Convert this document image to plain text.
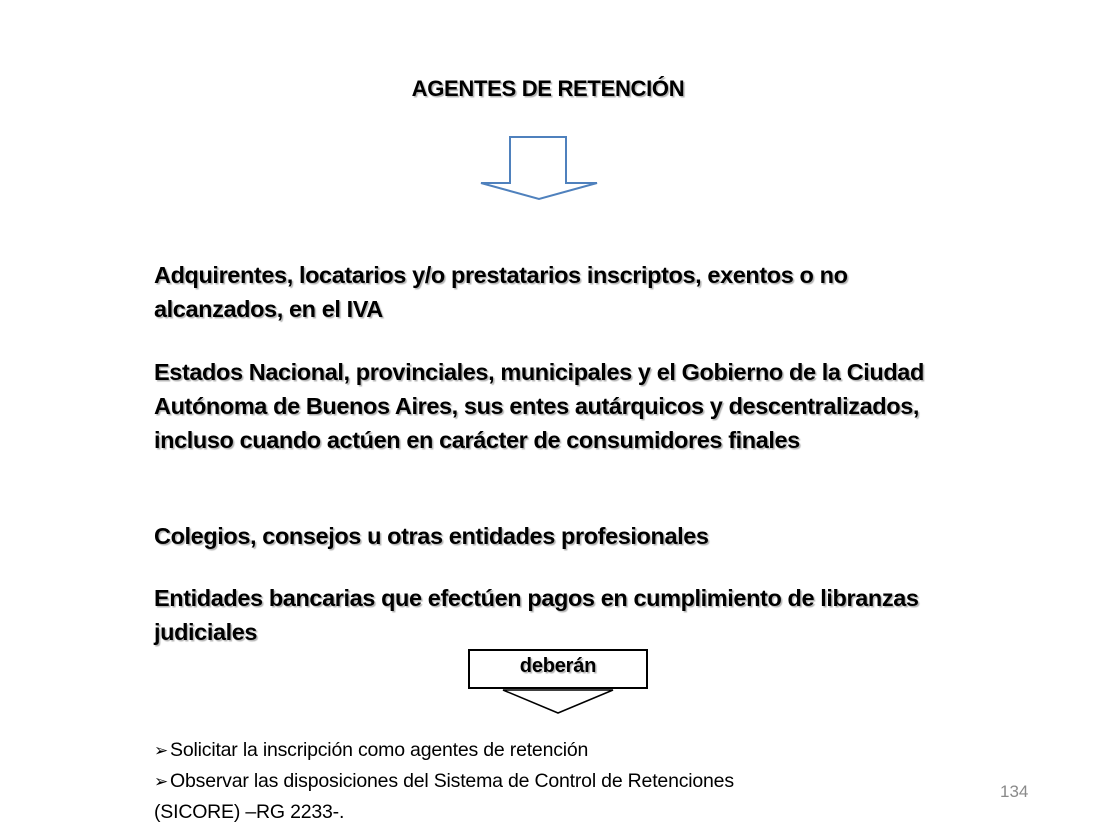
AGENTES DE RETENCIÓN
Adquirentes, locatarios y/o prestatarios inscriptos, exentos o no alcanzados, en el IVA
Estados Nacional, provinciales, municipales y el Gobierno de la Ciudad Autónoma de Buenos Aires, sus entes autárquicos y descentralizados, incluso cuando actúen en carácter de consumidores finales
Colegios, consejos u otras entidades profesionales
Entidades bancarias que efectúen pagos en cumplimiento de libranzas judiciales
deberán
➢ Solicitar la inscripción como agentes de retención
➢ Observar las disposiciones del Sistema de Control de Retenciones
(SICORE) –RG 2233-.
134
